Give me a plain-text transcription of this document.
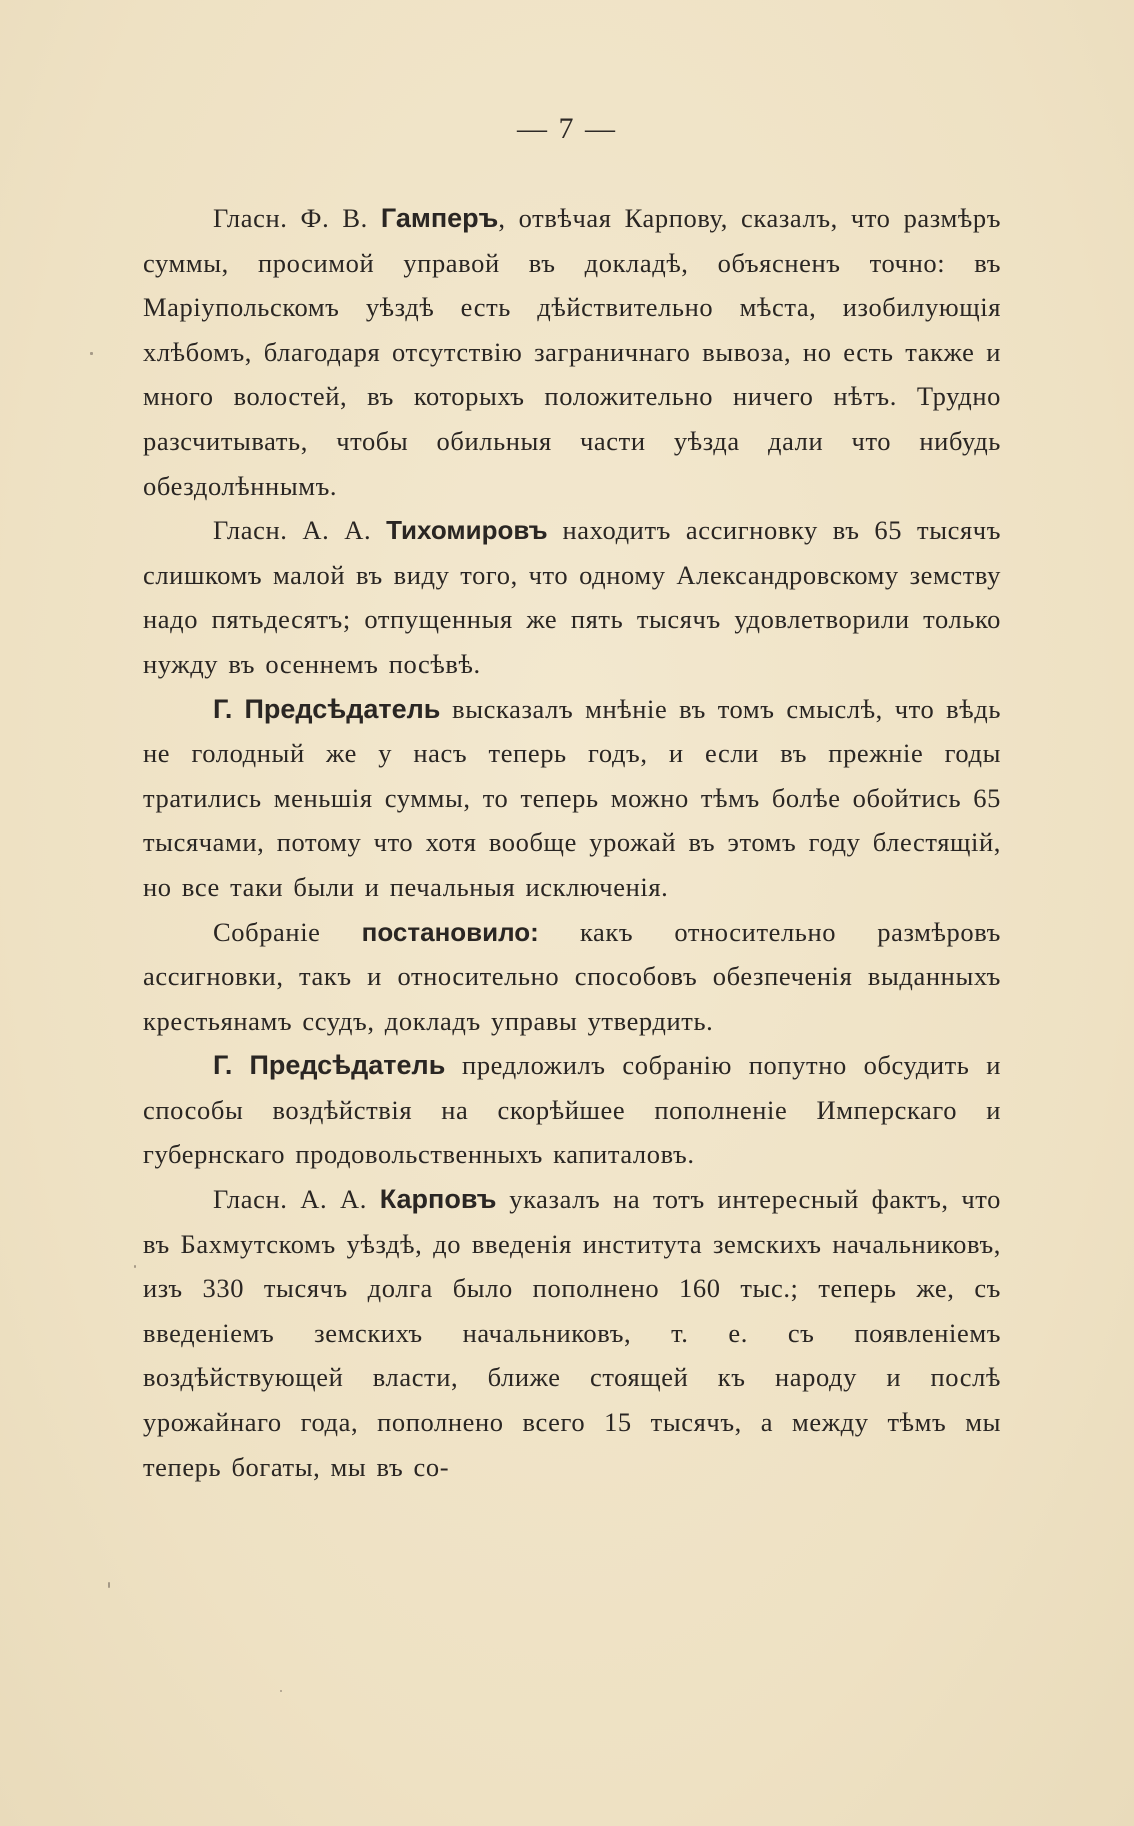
— 7 —

Гласн. Ф. В. Гамперъ, отвѣчая Карпову, сказалъ, что размѣръ суммы, просимой управой въ докладѣ, объясненъ точно: въ Маріупольскомъ уѣздѣ есть дѣйствительно мѣста, изобилующія хлѣбомъ, благодаря отсутствію заграничнаго вывоза, но есть также и много волостей, въ которыхъ положительно ничего нѣтъ. Трудно разсчитывать, чтобы обильныя части уѣзда дали что нибудь обездолѣннымъ.

Гласн. А. А. Тихомировъ находитъ ассигновку въ 65 тысячъ слишкомъ малой въ виду того, что одному Александровскому земству надо пятьдесятъ; отпущенныя же пять тысячъ удовлетворили только нужду въ осеннемъ посѣвѣ.

Г. Предсѣдатель высказалъ мнѣніе въ томъ смыслѣ, что вѣдь не голодный же у насъ теперь годъ, и если въ прежніе годы тратились меньшія суммы, то теперь можно тѣмъ болѣе обойтись 65 тысячами, потому что хотя вообще урожай въ этомъ году блестящій, но все таки были и печальныя исключенія.

Собраніе постановило: какъ относительно размѣровъ ассигновки, такъ и относительно способовъ обезпеченія выданныхъ крестьянамъ ссудъ, докладъ управы утвердить.

Г. Предсѣдатель предложилъ собранію попутно обсудить и способы воздѣйствія на скорѣйшее пополненіе Имперскаго и губернскаго продовольственныхъ капиталовъ.

Гласн. А. А. Карповъ указалъ на тотъ интересный фактъ, что въ Бахмутскомъ уѣздѣ, до введенія института земскихъ начальниковъ, изъ 330 тысячъ долга было пополнено 160 тыс.; теперь же, съ введеніемъ земскихъ начальниковъ, т. е. съ появленіемъ воздѣйствующей власти, ближе стоящей къ народу и послѣ урожайнаго года, пополнено всего 15 тысячъ, а между тѣмъ мы теперь богаты, мы въ со-
